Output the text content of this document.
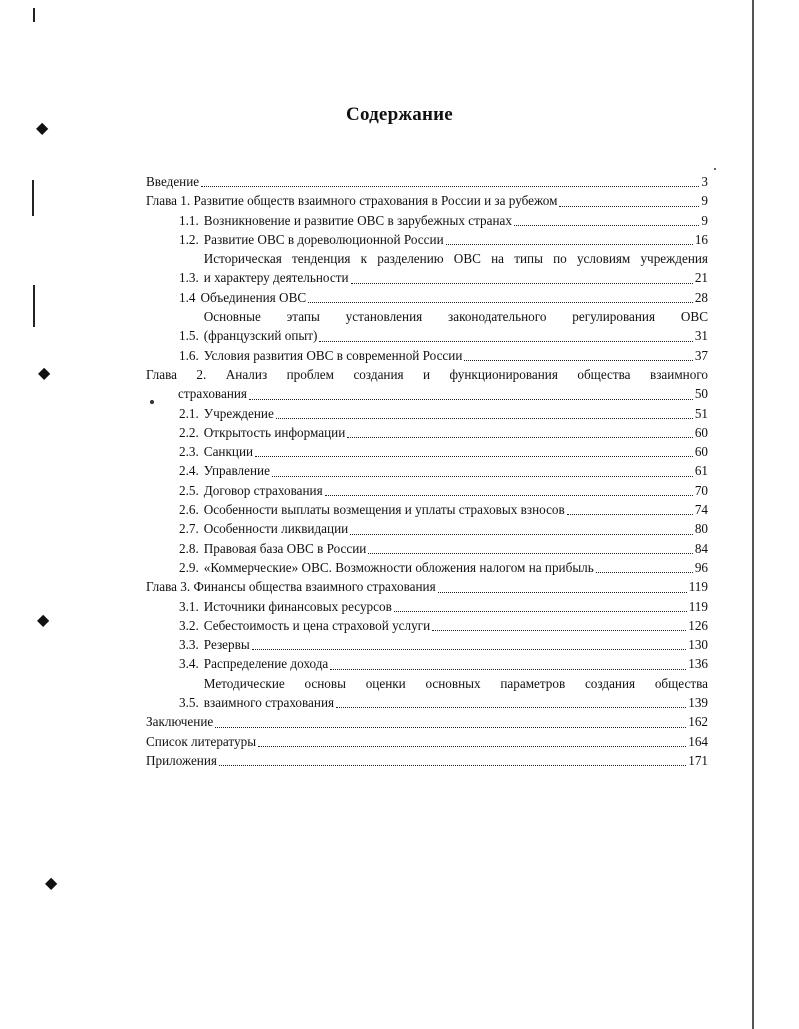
◆
◆
◆
◆
Содержание
Введение	3
Глава 1. Развитие обществ взаимного страхования в России и за рубежом	9
1.1. Возникновение и развитие ОВС в зарубежных странах	9
1.2. Развитие ОВС в дореволюционной России	16
1.3.
Историческая тенденция к разделению ОВС на типы по условиям учреждения
и характеру деятельности	21
1.4 Объединения ОВС	28
1.5.
Основные этапы установления законодательного регулирования ОВС
(французский опыт)	31
1.6. Условия развития ОВС в современной России	37
Глава 2. Анализ проблем создания и функционирования общества взаимного
страхования	50
2.1. Учреждение	51
2.2. Открытость информации	60
2.3. Санкции	60
2.4. Управление	61
2.5. Договор страхования	70
2.6. Особенности выплаты возмещения и уплаты страховых взносов	74
2.7. Особенности ликвидации	80
2.8. Правовая база ОВС в России	84
2.9. «Коммерческие» ОВС. Возможности обложения налогом на прибыль	96
Глава 3. Финансы общества взаимного страхования	119
3.1. Источники финансовых ресурсов	119
3.2. Себестоимость и цена страховой услуги	126
3.3. Резервы	130
3.4. Распределение дохода	136
3.5.
Методические основы оценки основных параметров создания общества
взаимного страхования	139
Заключение	162
Список литературы	164
Приложения	171
